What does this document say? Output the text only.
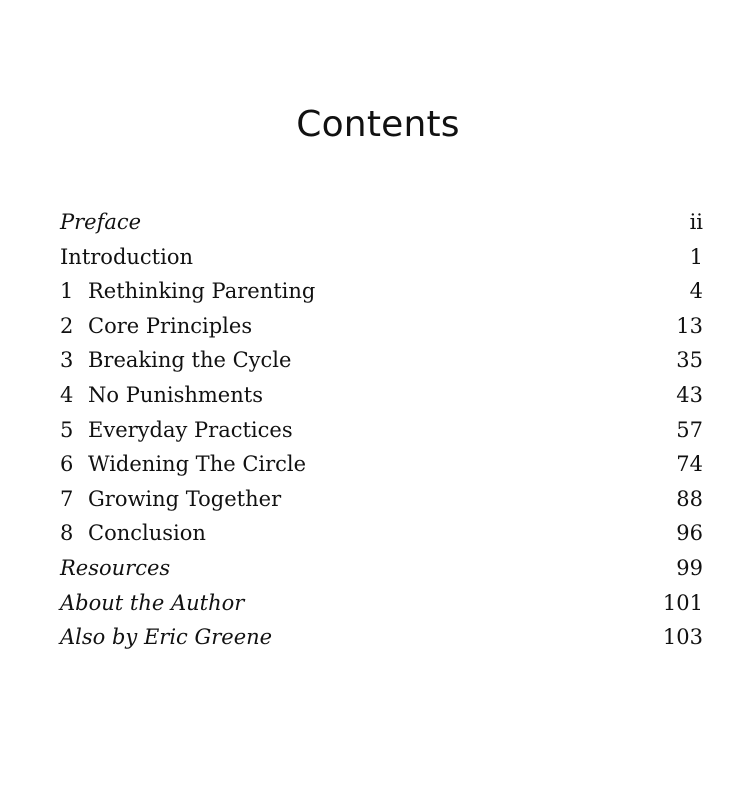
Contents
Preface	ii
Introduction	1
1 Rethinking Parenting	4
2 Core Principles	13
3 Breaking the Cycle	35
4 No Punishments	43
5 Everyday Practices	57
6 Widening The Circle	74
7 Growing Together	88
8 Conclusion	96
Resources	99
About the Author	101
Also by Eric Greene	103
